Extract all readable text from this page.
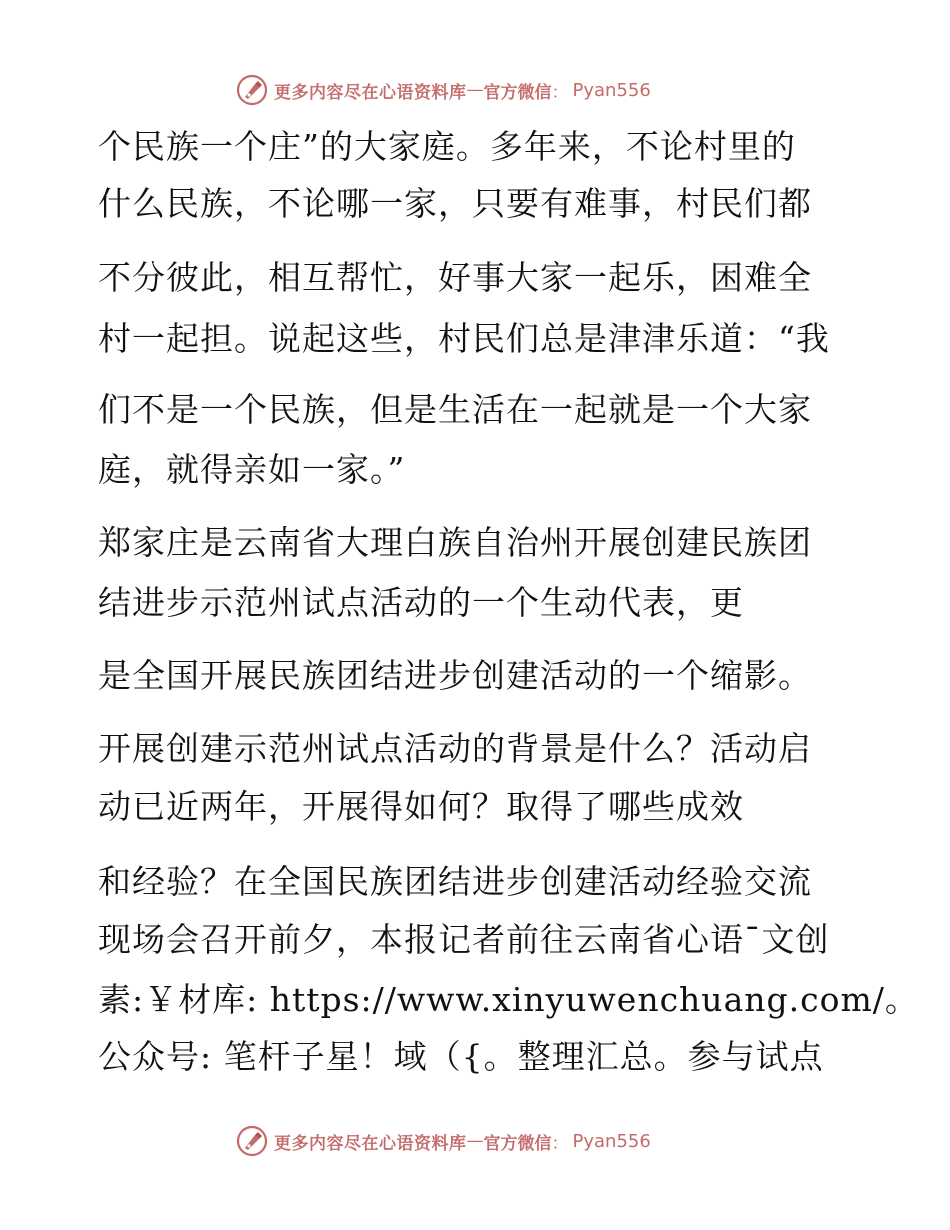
更多内容尽在心语资料库 — 官方微信 ： Pyan556
个民族一个庄”的大家庭。多年来，不论村里的
什么民族，不论哪一家，只要有难事，村民们都
不分彼此，相互帮忙，好事大家一起乐，困难全
村一起担。说起这些，村民们总是津津乐道：“我
们不是一个民族，但是生活在一起就是一个大家
庭，就得亲如一家。”
郑家庄是云南省大理白族自治州开展创建民族团
结进步示范州试点活动的一个生动代表，更
是全国开展民族团结进步创建活动的一个缩影。
开展创建示范州试点活动的背景是什么？活动启
动已近两年，开展得如何？取得了哪些成效
和经验？在全国民族团结进步创建活动经验交流
现场会召开前夕，本报记者前往云南省心语¯文创
素:￥材库: https://www.xinyuwenchuang.com/。
公众号: 笔杆子星！域（{。整理汇总。参与试点
更多内容尽在心语资料库 — 官方微信 ： Pyan556
